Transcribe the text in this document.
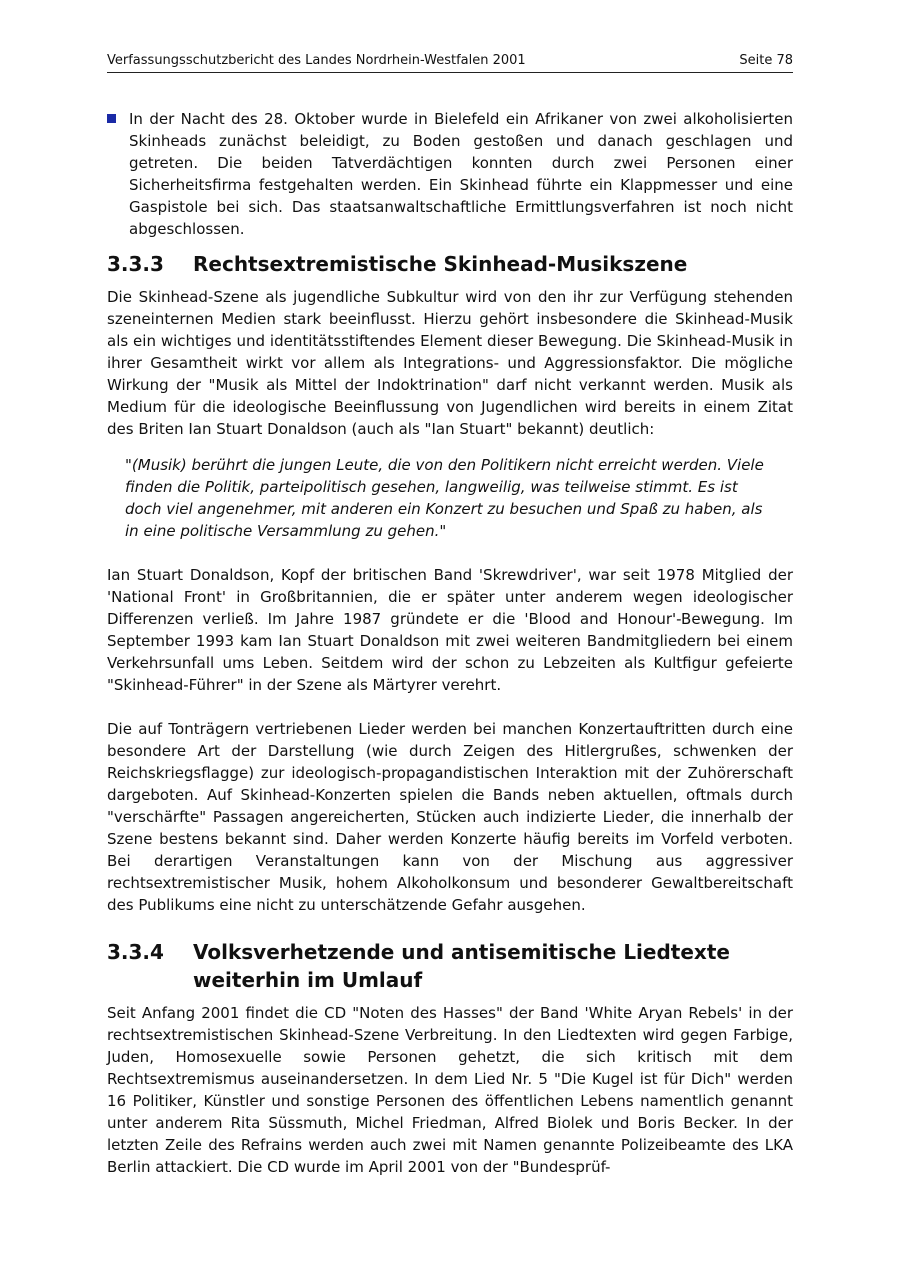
Verfassungsschutzbericht des Landes Nordrhein-Westfalen 2001	Seite 78

In der Nacht des 28. Oktober wurde in Bielefeld ein Afrikaner von zwei alkoholisierten Skinheads zunächst beleidigt, zu Boden gestoßen und danach geschlagen und getreten. Die beiden Tatverdächtigen konnten durch zwei Personen einer Sicherheitsfirma festgehalten werden. Ein Skinhead führte ein Klappmesser und eine Gaspistole bei sich. Das staatsanwaltschaftliche Ermittlungsverfahren ist noch nicht abgeschlossen.

3.3.3	Rechtsextremistische Skinhead-Musikszene

Die Skinhead-Szene als jugendliche Subkultur wird von den ihr zur Verfügung stehenden szeneinternen Medien stark beeinflusst. Hierzu gehört insbesondere die Skinhead-Musik als ein wichtiges und identitätsstiftendes Element dieser Bewegung. Die Skinhead-Musik in ihrer Gesamtheit wirkt vor allem als Integrations- und Aggressionsfaktor. Die mögliche Wirkung der "Musik als Mittel der Indoktrination" darf nicht verkannt werden. Musik als Medium für die ideologische Beeinflussung von Jugendlichen wird bereits in einem Zitat des Briten Ian Stuart Donaldson (auch als "Ian Stuart" bekannt) deutlich:

"(Musik) berührt die jungen Leute, die von den Politikern nicht erreicht werden. Viele finden die Politik, parteipolitisch gesehen, langweilig, was teilweise stimmt. Es ist doch viel angenehmer, mit anderen ein Konzert zu besuchen und Spaß zu haben, als in eine politische Versammlung zu gehen."

Ian Stuart Donaldson, Kopf der britischen Band 'Skrewdriver', war seit 1978 Mitglied der 'National Front' in Großbritannien, die er später unter anderem wegen ideologischer Differenzen verließ. Im Jahre 1987 gründete er die 'Blood and Honour'-Bewegung. Im September 1993 kam Ian Stuart Donaldson mit zwei weiteren Bandmitgliedern bei einem Verkehrsunfall ums Leben. Seitdem wird der schon zu Lebzeiten als Kultfigur gefeierte "Skinhead-Führer" in der Szene als Märtyrer verehrt.

Die auf Tonträgern vertriebenen Lieder werden bei manchen Konzertauftritten durch eine besondere Art der Darstellung (wie durch Zeigen des Hitlergrußes, schwenken der Reichskriegsflagge) zur ideologisch-propagandistischen Interaktion mit der Zuhörerschaft dargeboten. Auf Skinhead-Konzerten spielen die Bands neben aktuellen, oftmals durch "verschärfte" Passagen angereicherten, Stücken auch indizierte Lieder, die innerhalb der Szene bestens bekannt sind. Daher werden Konzerte häufig bereits im Vorfeld verboten. Bei derartigen Veranstaltungen kann von der Mischung aus aggressiver rechtsextremistischer Musik, hohem Alkoholkonsum und besonderer Gewaltbereitschaft des Publikums eine nicht zu unterschätzende Gefahr ausgehen.

3.3.4	Volksverhetzende und antisemitische Liedtexte weiterhin im Umlauf

Seit Anfang 2001 findet die CD "Noten des Hasses" der Band 'White Aryan Rebels' in der rechtsextremistischen Skinhead-Szene Verbreitung. In den Liedtexten wird gegen Farbige, Juden, Homosexuelle sowie Personen gehetzt, die sich kritisch mit dem Rechtsextremismus auseinandersetzen. In dem Lied Nr. 5 "Die Kugel ist für Dich" werden 16 Politiker, Künstler und sonstige Personen des öffentlichen Lebens namentlich genannt unter anderem Rita Süssmuth, Michel Friedman, Alfred Biolek und Boris Becker. In der letzten Zeile des Refrains werden auch zwei mit Namen genannte Polizeibeamte des LKA Berlin attackiert. Die CD wurde im April 2001 von der "Bundesprüf-
